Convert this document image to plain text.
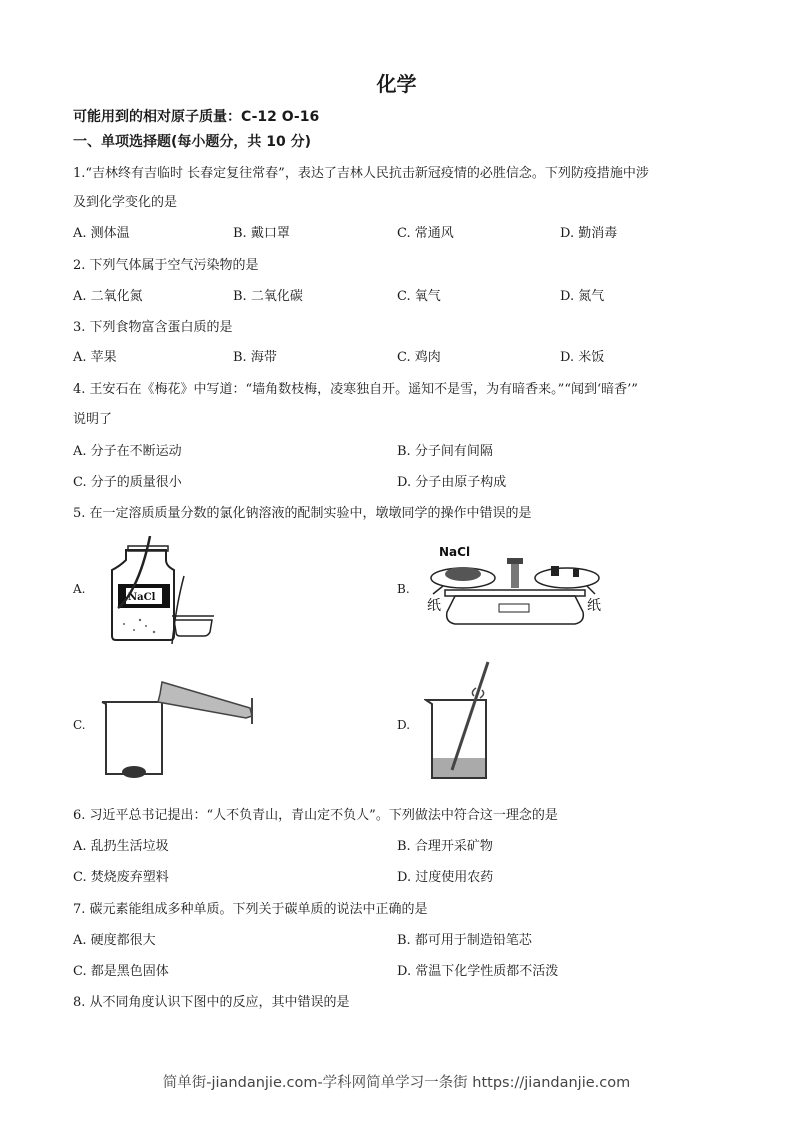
化学
可能用到的相对原子质量：C-12 O-16
一、单项选择题(每小题分，共 10 分)
1.“吉林终有吉临时 长春定复往常春”，表达了吉林人民抗击新冠疫情的必胜信念。下列防疫措施中涉
及到化学变化的是
A. 测体温	B. 戴口罩	C. 常通风	D. 勤消毒
2. 下列气体属于空气污染物的是
A. 二氧化氮	B. 二氧化碳	C. 氧气	D. 氮气
3. 下列食物富含蛋白质的是
A. 苹果	B. 海带	C. 鸡肉	D. 米饭
4. 王安石在《梅花》中写道：“墙角数枝梅，凌寒独自开。遥知不是雪，为有暗香来。”“闻到‘暗香’”
说明了
A. 分子在不断运动	B. 分子间有间隔
C. 分子的质量很小	D. 分子由原子构成
5. 在一定溶质质量分数的氯化钠溶液的配制实验中，墩墩同学的操作中错误的是
A.
NaCl
B.
NaCl
纸	纸
C.	D.
6. 习近平总书记提出：“人不负青山，青山定不负人”。下列做法中符合这一理念的是
A. 乱扔生活垃圾	B. 合理开采矿物
C. 焚烧废弃塑料	D. 过度使用农药
7. 碳元素能组成多种单质。下列关于碳单质的说法中正确的是
A. 硬度都很大	B. 都可用于制造铅笔芯
C. 都是黑色固体	D. 常温下化学性质都不活泼
8. 从不同角度认识下图中的反应，其中错误的是
简单街-jiandanjie.com-学科网简单学习一条街 https://jiandanjie.com
